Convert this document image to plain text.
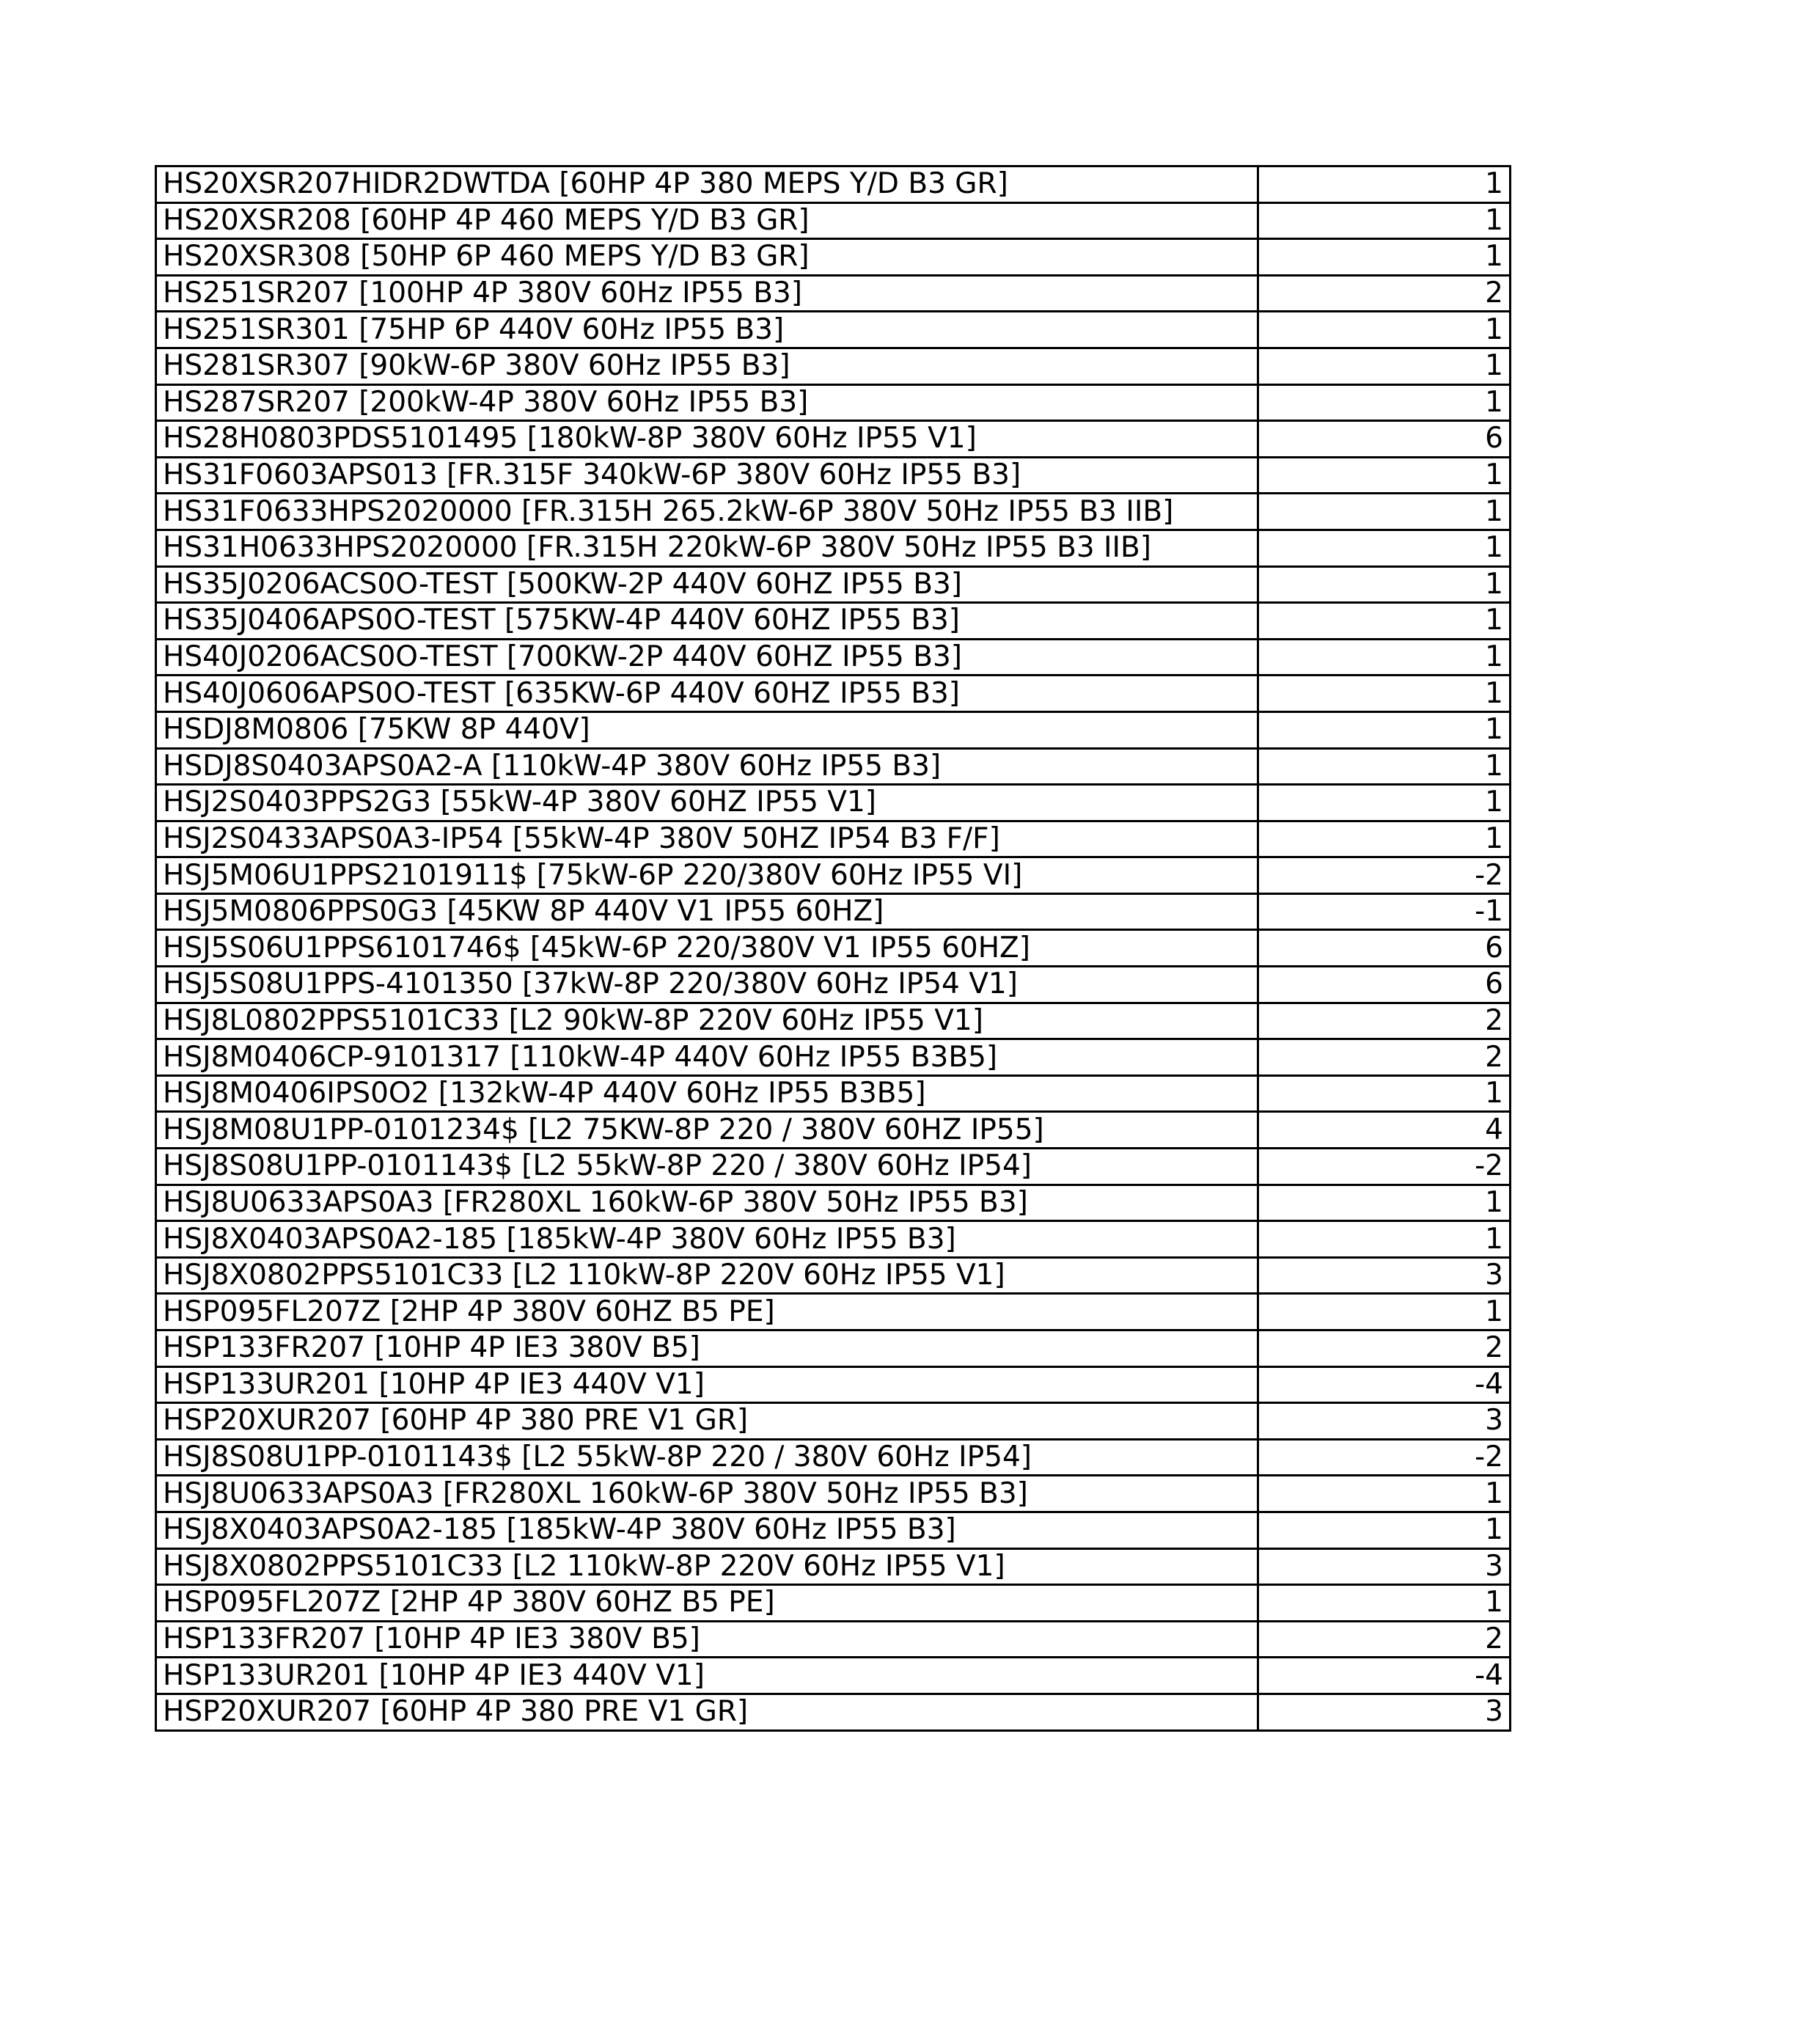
HS20XSR207HIDR2DWTDA [60HP 4P 380 MEPS Y/D B3 GR]	1
HS20XSR208 [60HP 4P 460 MEPS Y/D B3 GR]	1
HS20XSR308 [50HP 6P 460 MEPS Y/D B3 GR]	1
HS251SR207 [100HP 4P 380V 60Hz IP55 B3]	2
HS251SR301 [75HP 6P 440V 60Hz IP55 B3]	1
HS281SR307 [90kW-6P 380V 60Hz IP55 B3]	1
HS287SR207 [200kW-4P 380V 60Hz IP55 B3]	1
HS28H0803PDS5101495 [180kW-8P 380V 60Hz IP55 V1]	6
HS31F0603APS013 [FR.315F 340kW-6P 380V 60Hz IP55 B3]	1
HS31F0633HPS2020000 [FR.315H 265.2kW-6P 380V 50Hz IP55 B3 IIB]	1
HS31H0633HPS2020000 [FR.315H 220kW-6P 380V 50Hz IP55 B3 IIB]	1
HS35J0206ACS0O-TEST [500KW-2P 440V 60HZ IP55 B3]	1
HS35J0406APS0O-TEST [575KW-4P 440V 60HZ IP55 B3]	1
HS40J0206ACS0O-TEST [700KW-2P 440V 60HZ IP55 B3]	1
HS40J0606APS0O-TEST [635KW-6P 440V 60HZ IP55 B3]	1
HSDJ8M0806 [75KW 8P 440V]	1
HSDJ8S0403APS0A2-A [110kW-4P 380V 60Hz IP55 B3]	1
HSJ2S0403PPS2G3 [55kW-4P 380V 60HZ IP55 V1]	1
HSJ2S0433APS0A3-IP54 [55kW-4P 380V 50HZ IP54 B3 F/F]	1
HSJ5M06U1PPS2101911$ [75kW-6P 220/380V 60Hz IP55 VI]	-2
HSJ5M0806PPS0G3 [45KW 8P 440V V1 IP55 60HZ]	-1
HSJ5S06U1PPS6101746$ [45kW-6P 220/380V V1 IP55 60HZ]	6
HSJ5S08U1PPS-4101350 [37kW-8P 220/380V 60Hz IP54 V1]	6
HSJ8L0802PPS5101C33 [L2 90kW-8P 220V 60Hz IP55 V1]	2
HSJ8M0406CP-9101317 [110kW-4P 440V 60Hz IP55 B3B5]	2
HSJ8M0406IPS0O2 [132kW-4P 440V 60Hz IP55 B3B5]	1
HSJ8M08U1PP-0101234$ [L2 75KW-8P 220 / 380V 60HZ IP55]	4
HSJ8S08U1PP-0101143$ [L2 55kW-8P 220 / 380V 60Hz IP54]	-2
HSJ8U0633APS0A3 [FR280XL 160kW-6P 380V 50Hz IP55 B3]	1
HSJ8X0403APS0A2-185 [185kW-4P 380V 60Hz IP55 B3]	1
HSJ8X0802PPS5101C33 [L2 110kW-8P 220V 60Hz IP55 V1]	3
HSP095FL207Z [2HP 4P 380V 60HZ B5 PE]	1
HSP133FR207 [10HP 4P IE3 380V B5]	2
HSP133UR201 [10HP 4P IE3 440V V1]	-4
HSP20XUR207 [60HP 4P 380 PRE V1 GR]	3
HSJ8S08U1PP-0101143$ [L2 55kW-8P 220 / 380V 60Hz IP54]	-2
HSJ8U0633APS0A3 [FR280XL 160kW-6P 380V 50Hz IP55 B3]	1
HSJ8X0403APS0A2-185 [185kW-4P 380V 60Hz IP55 B3]	1
HSJ8X0802PPS5101C33 [L2 110kW-8P 220V 60Hz IP55 V1]	3
HSP095FL207Z [2HP 4P 380V 60HZ B5 PE]	1
HSP133FR207 [10HP 4P IE3 380V B5]	2
HSP133UR201 [10HP 4P IE3 440V V1]	-4
HSP20XUR207 [60HP 4P 380 PRE V1 GR]	3
